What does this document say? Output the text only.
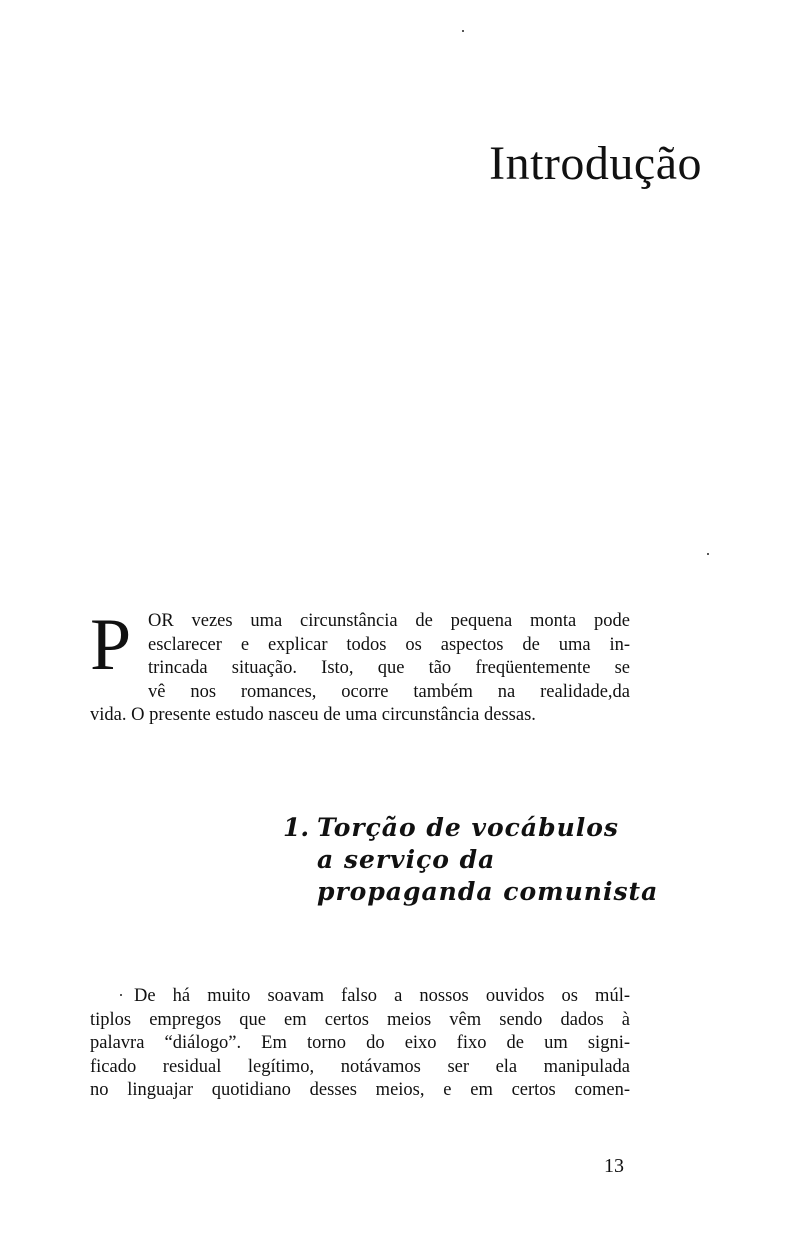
Introdução
P OR vezes uma circunstância de pequena monta pode
esclarecer e explicar todos os aspectos de uma in-
trincada situação. Isto, que tão freqüentemente se
vê nos romances, ocorre também na realidade,da
vida. O presente estudo nasceu de uma circunstância dessas.
1. Torção de vocábulos
a serviço da
propaganda comunista
De há muito soavam falso a nossos ouvidos os múl-
tiplos empregos que em certos meios vêm sendo dados à
palavra “diálogo”. Em torno do eixo fixo de um signi-
ficado residual legítimo, notávamos ser ela manipulada
no linguajar quotidiano desses meios, e em certos comen-
13
